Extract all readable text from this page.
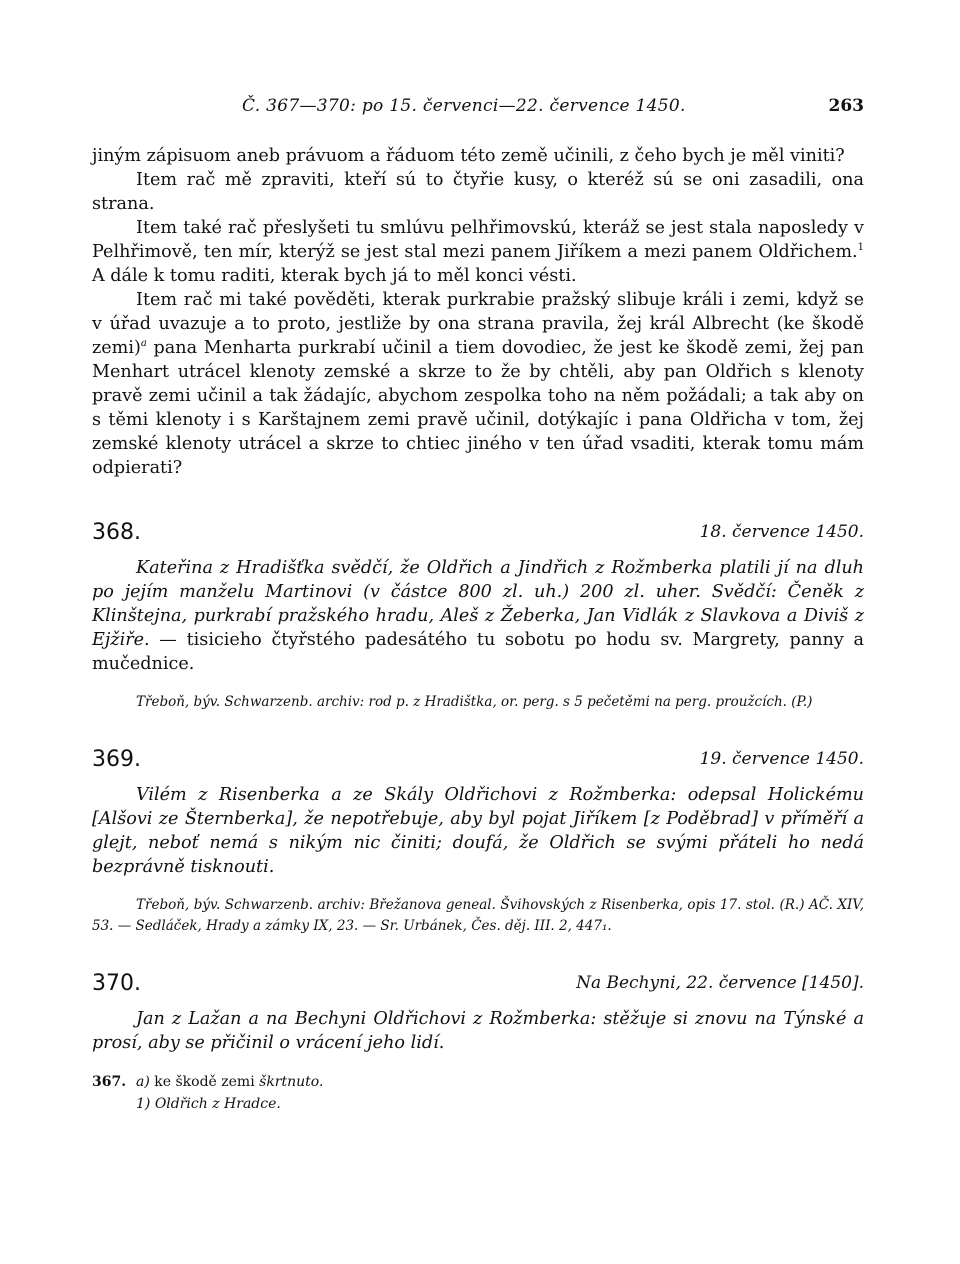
Č. 367—370: po 15. červenci—22. července 1450.	263

jiným zápisuom aneb právuom a řáduom této země učinili, z čeho bych je měl viniti?

Item rač mě zpraviti, kteří sú to čtyřie kusy, o kteréž sú se oni zasadili, ona strana.

Item také rač přeslyšeti tu smlúvu pelhřimovskú, kteráž se jest stala naposledy v Pelhřimově, ten mír, kterýž se jest stal mezi panem Jiříkem a mezi panem Oldřichem.$^1$ A dále k tomu raditi, kterak bych já to měl konci vésti.

Item rač mi také pověděti, kterak purkrabie pražský slibuje králi i zemi, když se v úřad uvazuje a to proto, jestliže by ona strana pravila, žej král Albrecht (ke škodě zemi)$^a$ pana Menharta purkrabí učinil a tiem dovodiec, že jest ke škodě zemi, žej pan Menhart utrácel klenoty zemské a skrze to že by chtěli, aby pan Oldřich s klenoty pravě zemi učinil a tak žádajíc, abychom zespolka toho na něm požádali; a tak aby on s těmi klenoty i s Karštajnem zemi pravě učinil, dotýkajíc i pana Oldřicha v tom, žej zemské klenoty utrácel a skrze to chtiec jiného v ten úřad vsaditi, kterak tomu mám odpierati?

368.	18. července 1450.

Kateřina z Hradišťka svědčí, že Oldřich a Jindřich z Rožmberka platili jí na dluh po jejím manželu Martinovi (v částce 800 zl. uh.) 200 zl. uher. Svědčí: Čeněk z Klinštejna, purkrabí pražského hradu, Aleš z Žeberka, Jan Vidlák z Slavkova a Diviš z Ejžiře. — tisicieho čtyřstého padesátého tu sobotu po hodu sv. Margrety, panny a mučednice.

Třeboň, býv. Schwarzenb. archiv: rod p. z Hradištka, or. perg. s 5 pečetěmi na perg. proužcích. (P.)

369.	19. července 1450.

Vilém z Risenberka a ze Skály Oldřichovi z Rožmberka: odepsal Holickému [Alšovi ze Šternberka], že nepotřebuje, aby byl pojat Jiříkem [z Poděbrad] v příměří a glejt, neboť nemá s nikým nic činiti; doufá, že Oldřich se svými přáteli ho nedá bezprávně tisknouti.

Třeboň, býv. Schwarzenb. archiv: Břežanova geneal. Švihovských z Risenberka, opis 17. stol. (R.) AČ. XIV, 53. — Sedláček, Hrady a zámky IX, 23. — Sr. Urbánek, Čes. děj. III. 2, 447₁.

370.	Na Bechyni, 22. července [1450].

Jan z Lažan a na Bechyni Oldřichovi z Rožmberka: stěžuje si znovu na Týnské a prosí, aby se přičinil o vrácení jeho lidí.

367. a) ke škodě zemi škrtnuto.
1) Oldřich z Hradce.
